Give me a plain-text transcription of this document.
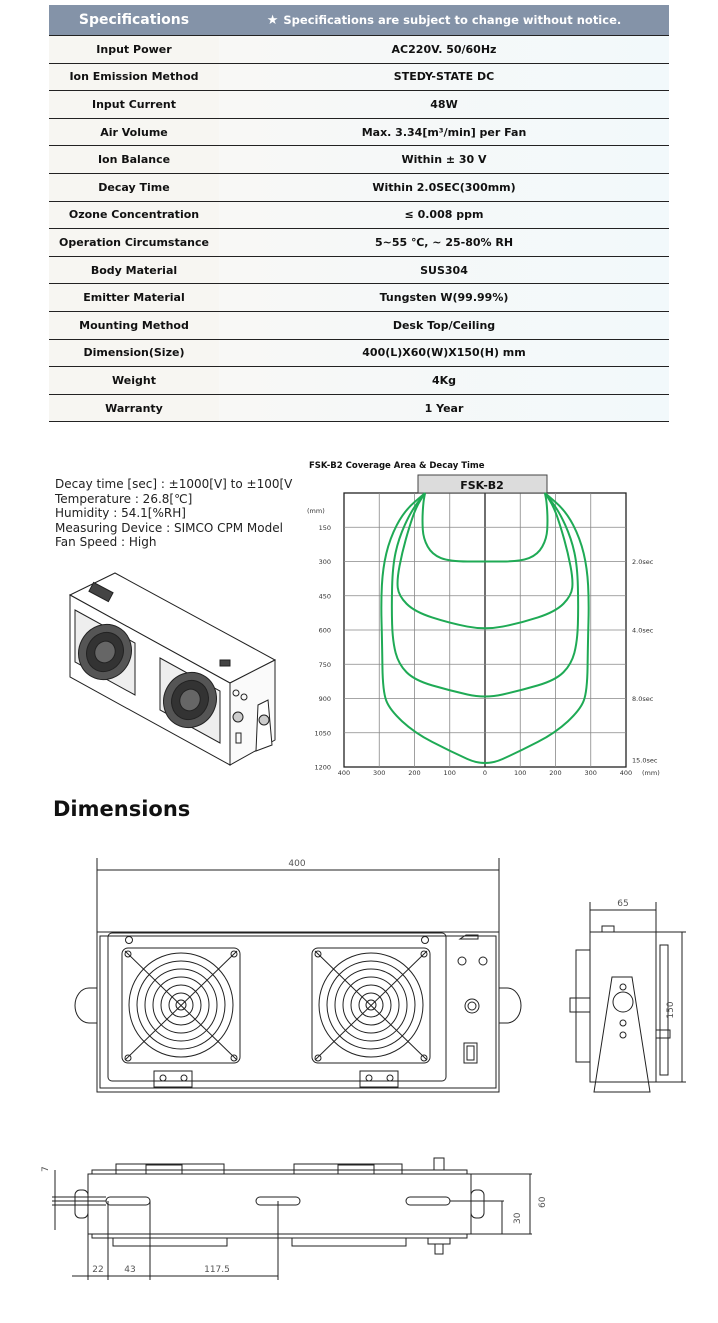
Specifications	★ Specifications are subject to change without notice.
Input Power	AC220V. 50/60Hz
Ion Emission Method	STEDY-STATE DC
Input Current	48W
Air Volume	Max. 3.34[m³/min] per Fan
Ion Balance	Within ± 30 V
Decay Time	Within 2.0SEC(300mm)
Ozone Concentration	≤ 0.008 ppm
Operation Circumstance	5~55 ℃, ~ 25-80% RH
Body Material	SUS304
Emitter Material	Tungsten W(99.99%)
Mounting Method	Desk Top/Ceiling
Dimension(Size)	400(L)X60(W)X150(H) mm
Weight	4Kg
Warranty	1 Year
Decay time [sec] : ±1000[V] to ±100[V
Temperature : 26.8[℃]
Humidity : 54.1[%RH]
Measuring Device : SIMCO CPM Model
Fan Speed : High
FSK-B2 Coverage Area & Decay Time
FSK-B2
150
300
450
600
750
900
1050
1200
400	300	200	100	0	100	200	300	400
2.0sec
4.0sec
8.0sec
15.0sec
(mm)
(mm)
Dimensions
400
65
150
7
60
30
22 43	117.5
